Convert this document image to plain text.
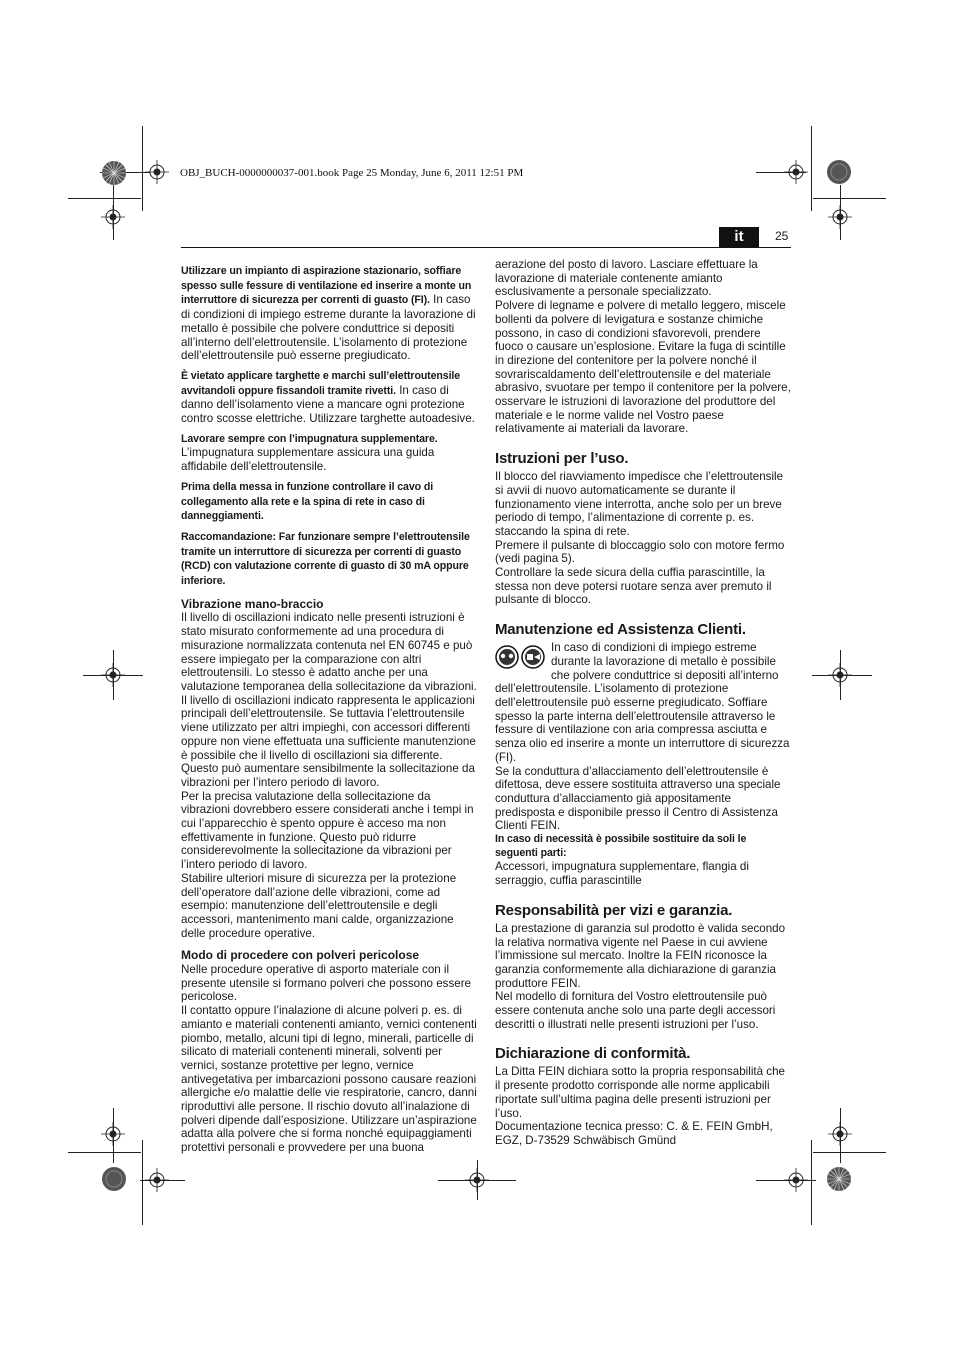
OBJ_BUCH-0000000037-001.book Page 25 Monday, June 6, 2011 12:51 PM
it	25

Utilizzare un impianto di aspirazione stazionario, soffiare spesso sulle fessure di ventilazione ed inserire a monte un interruttore di sicurezza per correnti di guasto (FI). In caso di condizioni di impiego estreme durante la lavorazione di metallo è possibile che polvere conduttrice si depositi all’interno dell’elettroutensile. L’isolamento di protezione dell’elettroutensile può esserne pregiudicato.

È vietato applicare targhette e marchi sull’elettroutensile avvitandoli oppure fissandoli tramite rivetti. In caso di danno dell’isolamento viene a mancare ogni protezione contro scosse elettriche. Utilizzare targhette autoadesive.

Lavorare sempre con l’impugnatura supplementare. L’impugnatura supplementare assicura una guida affidabile dell’elettroutensile.

Prima della messa in funzione controllare il cavo di collegamento alla rete e la spina di rete in caso di danneggiamenti.

Raccomandazione: Far funzionare sempre l’elettroutensile tramite un interruttore di sicurezza per correnti di guasto (RCD) con valutazione corrente di guasto di 30 mA oppure inferiore.

Vibrazione mano-braccio

Il livello di oscillazioni indicato nelle presenti istruzioni è stato misurato conformemente ad una procedura di misurazione normalizzata contenuta nel EN 60745 e può essere impiegato per la comparazione con altri elettroutensili. Lo stesso è adatto anche per una valutazione temporanea della sollecitazione da vibrazioni.

Il livello di oscillazioni indicato rappresenta le applicazioni principali dell’elettroutensile. Se tuttavia l’elettroutensile viene utilizzato per altri impieghi, con accessori differenti oppure non viene effettuata una sufficiente manutenzione è possibile che il livello di oscillazioni sia differente. Questo può aumentare sensibilmente la sollecitazione da vibrazioni per l’intero periodo di lavoro.

Per la precisa valutazione della sollecitazione da vibrazioni dovrebbero essere considerati anche i tempi in cui l’apparecchio è spento oppure è acceso ma non effettivamente in funzione. Questo può ridurre considerevolmente la sollecitazione da vibrazioni per l’intero periodo di lavoro.

Stabilire ulteriori misure di sicurezza per la protezione dell’operatore dall’azione delle vibrazioni, come ad esempio: manutenzione dell’elettroutensile e degli accessori, mantenimento mani calde, organizzazione delle procedure operative.

Modo di procedere con polveri pericolose

Nelle procedure operative di asporto materiale con il presente utensile si formano polveri che possono essere pericolose.

Il contatto oppure l’inalazione di alcune polveri p. es. di amianto e materiali contenenti amianto, vernici contenenti piombo, metallo, alcuni tipi di legno, minerali, particelle di silicato di materiali contenenti minerali, solventi per vernici, sostanze protettive per legno, vernice antivegetativa per imbarcazioni possono causare reazioni allergiche e/o malattie delle vie respiratorie, cancro, danni riproduttivi alle persone. Il rischio dovuto all’inalazione di polveri dipende dall’esposizione. Utilizzare un’aspirazione adatta alla polvere che si forma nonché equipaggiamenti protettivi personali e provvedere per una buona

aerazione del posto di lavoro. Lasciare effettuare la lavorazione di materiale contenente amianto esclusivamente a personale specializzato.

Polvere di legname e polvere di metallo leggero, miscele bollenti da polvere di levigatura e sostanze chimiche possono, in caso di condizioni sfavorevoli, prendere fuoco o causare un’esplosione. Evitare la fuga di scintille in direzione del contenitore per la polvere nonché il sovrariscaldamento dell’elettroutensile e del materiale abrasivo, svuotare per tempo il contenitore per la polvere, osservare le istruzioni di lavorazione del produttore del materiale e le norme valide nel Vostro paese relativamente ai materiali da lavorare.

Istruzioni per l’uso.

Il blocco del riavviamento impedisce che l’elettroutensile si avvii di nuovo automaticamente se durante il funzionamento viene interrotta, anche solo per un breve periodo di tempo, l’alimentazione di corrente p. es. staccando la spina di rete.

Premere il pulsante di bloccaggio solo con motore fermo (vedi pagina 5).

Controllare la sede sicura della cuffia parascintille, la stessa non deve potersi ruotare senza aver premuto il pulsante di blocco.

Manutenzione ed Assistenza Clienti.

In caso di condizioni di impiego estreme durante la lavorazione di metallo è possibile che polvere conduttrice si depositi all’interno dell’elettroutensile. L’isolamento di protezione dell’elettroutensile può esserne pregiudicato. Soffiare spesso la parte interna dell’elettroutensile attraverso le fessure di ventilazione con aria compressa asciutta e senza olio ed inserire a monte un interruttore di sicurezza (FI).

Se la conduttura d’allacciamento dell’elettroutensile è difettosa, deve essere sostituita attraverso una speciale conduttura d’allacciamento già appositamente predisposta e disponibile presso il Centro di Assistenza Clienti FEIN.

In caso di necessità è possibile sostituire da soli le seguenti parti:

Accessori, impugnatura supplementare, flangia di serraggio, cuffia parascintille

Responsabilità per vizi e garanzia.

La prestazione di garanzia sul prodotto è valida secondo la relativa normativa vigente nel Paese in cui avviene l’immissione sul mercato. Inoltre la FEIN riconosce la garanzia conformemente alla dichiarazione di garanzia produttore FEIN.

Nel modello di fornitura del Vostro elettroutensile può essere contenuta anche solo una parte degli accessori descritti o illustrati nelle presenti istruzioni per l’uso.

Dichiarazione di conformità.

La Ditta FEIN dichiara sotto la propria responsabilità che il presente prodotto corrisponde alle norme applicabili riportate sull’ultima pagina delle presenti istruzioni per l’uso.

Documentazione tecnica presso: C. & E. FEIN GmbH, EGZ, D-73529 Schwäbisch Gmünd
